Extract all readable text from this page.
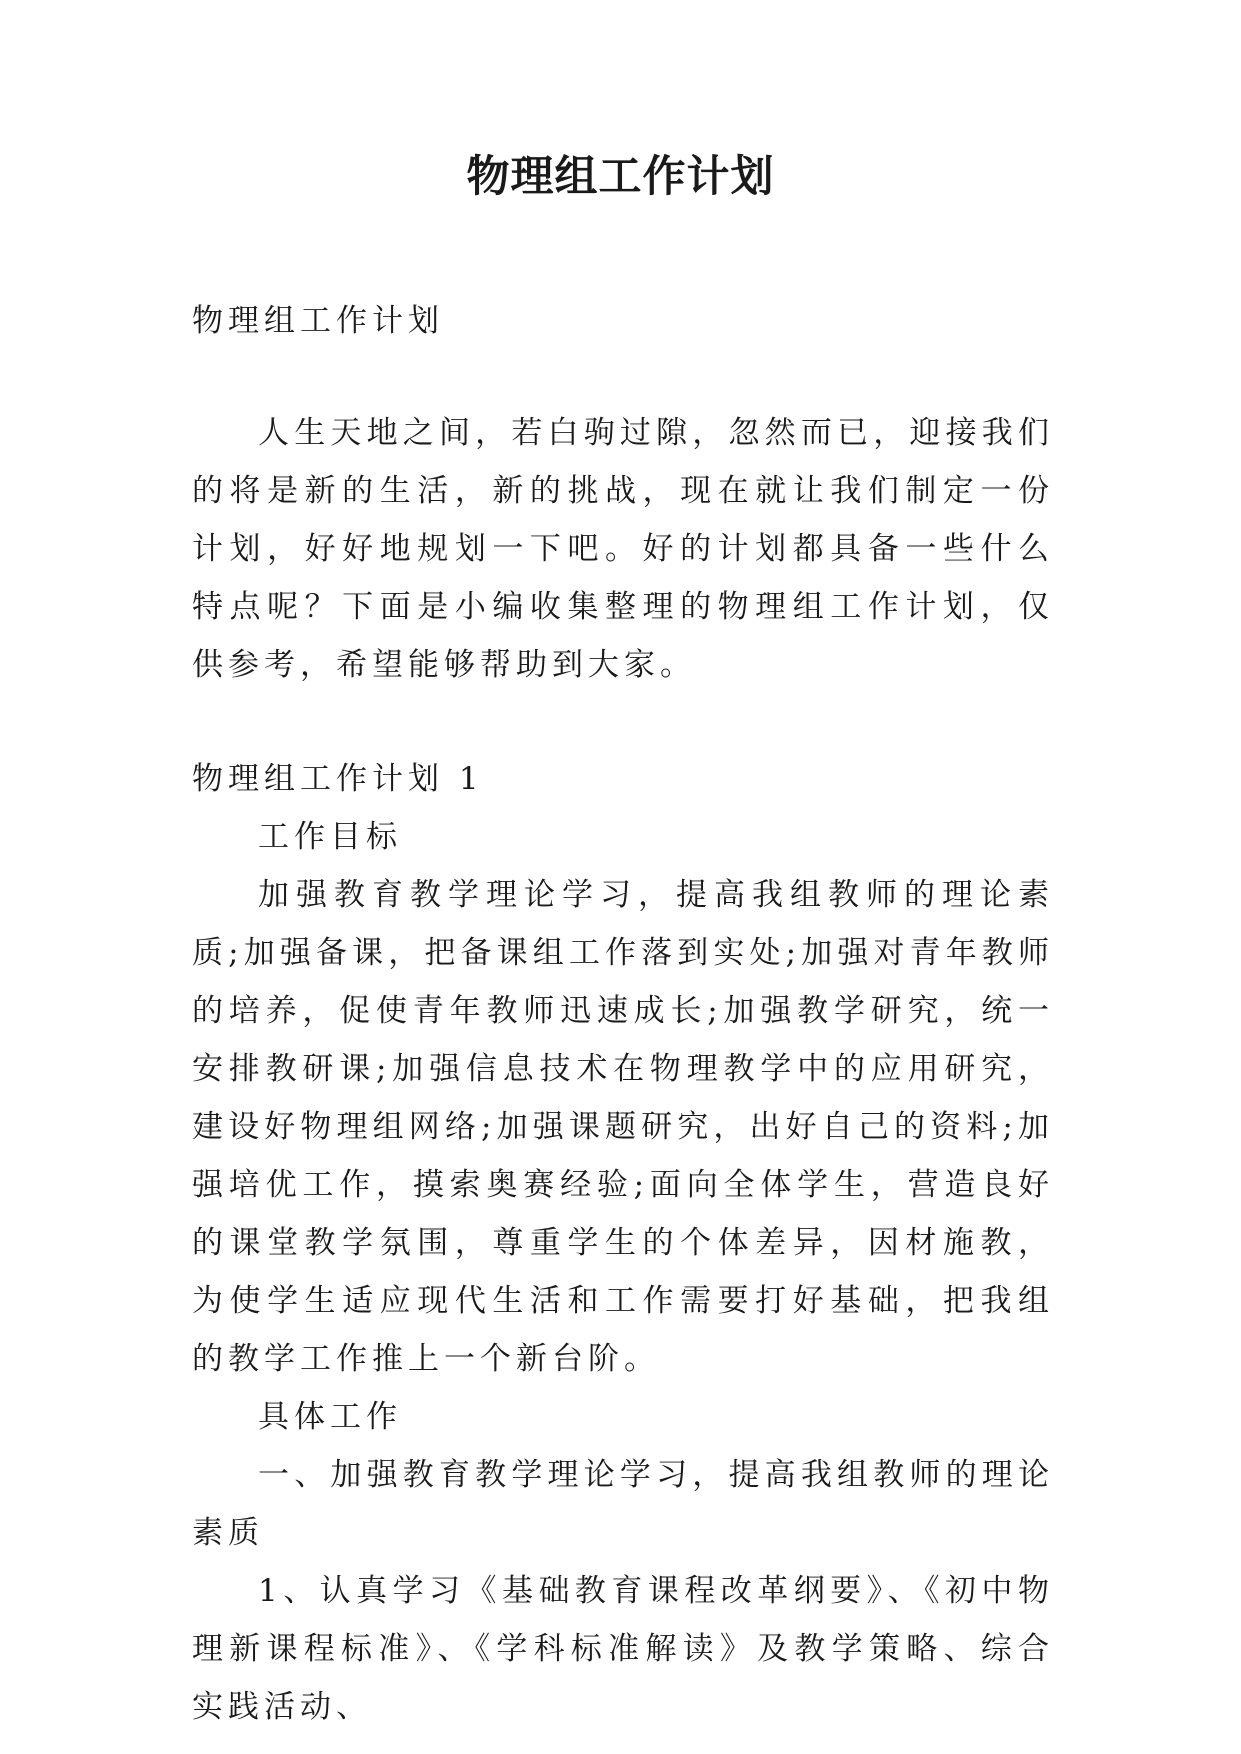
物理组工作计划

物理组工作计划

人生天地之间，若白驹过隙，忽然而已，迎接我们的将是新的生活，新的挑战，现在就让我们制定一份计划，好好地规划一下吧。好的计划都具备一些什么特点呢？下面是小编收集整理的物理组工作计划，仅供参考，希望能够帮助到大家。

物理组工作计划 1

工作目标

加强教育教学理论学习，提高我组教师的理论素质;加强备课，把备课组工作落到实处;加强对青年教师的培养，促使青年教师迅速成长;加强教学研究，统一安排教研课;加强信息技术在物理教学中的应用研究，建设好物理组网络;加强课题研究，出好自己的资料;加强培优工作，摸索奥赛经验;面向全体学生，营造良好的课堂教学氛围，尊重学生的个体差异，因材施教，为使学生适应现代生活和工作需要打好基础，把我组的教学工作推上一个新台阶。

具体工作

一、加强教育教学理论学习，提高我组教师的理论素质

1、认真学习《基础教育课程改革纲要》、《初中物理新课程标准》、《学科标准解读》及教学策略、综合实践活动、
